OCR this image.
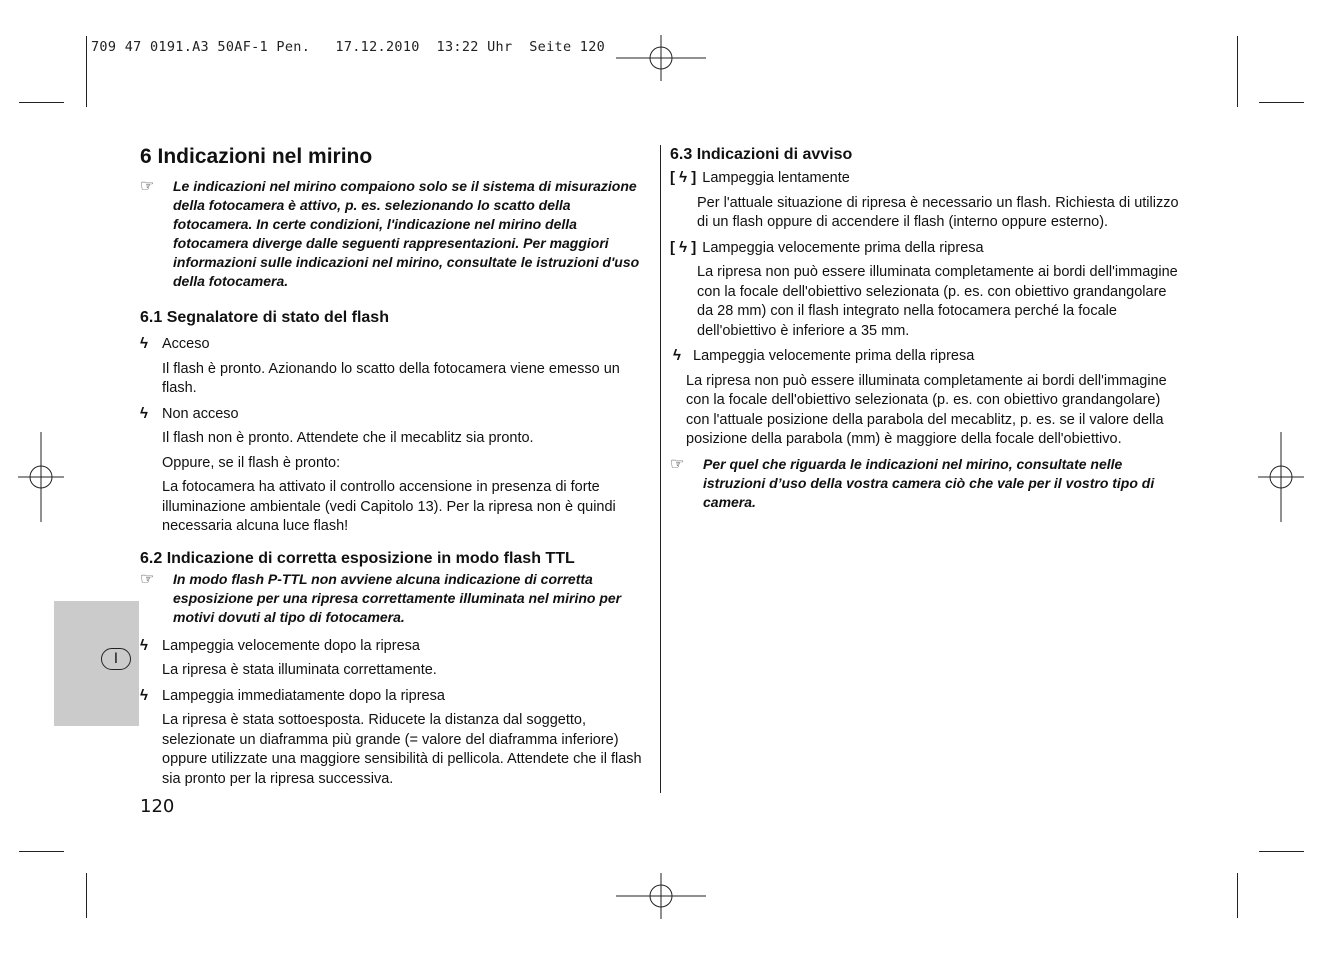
709 47 0191.A3 50AF-1 Pen.   17.12.2010  13:22 Uhr  Seite 120
I
6 Indicazioni nel mirino
☞	Le indicazioni nel mirino compaiono solo se il sistema di misurazione della fotocamera è attivo, p. es. selezionando lo scatto della fotocamera. In certe condizioni, l'indicazione nel mirino della fotocamera diverge dalle seguenti rappresentazioni. Per maggiori informazioni sulle indicazioni nel mirino, consultate le istruzioni d'uso della fotocamera.
6.1 Segnalatore di stato del flash
ϟ Acceso
Il flash è pronto. Azionando lo scatto della fotocamera viene emesso un flash.
ϟ Non acceso
Il flash non è pronto. Attendete che il mecablitz sia pronto.
Oppure, se il flash è pronto:
La fotocamera ha attivato il controllo accensione in presenza di forte illuminazione ambientale (vedi Capitolo 13). Per la ripresa non è quindi necessaria alcuna luce flash!
6.2 Indicazione di corretta esposizione in modo flash TTL
☞	In modo flash P-TTL non avviene alcuna indicazione di corretta esposizione per una ripresa correttamente illuminata nel mirino per motivi dovuti al tipo di fotocamera.
ϟ Lampeggia velocemente dopo la ripresa
La ripresa è stata illuminata correttamente.
ϟ Lampeggia immediatamente dopo la ripresa
La ripresa è stata sottoesposta. Riducete la distanza dal soggetto, selezionate un diaframma più grande (= valore del diaframma inferiore) oppure utilizzate una maggiore sensibilità di pellicola. Attendete che il flash sia pronto per la ripresa successiva.
6.3 Indicazioni di avviso
[ ϟ ] Lampeggia lentamente
Per l'attuale situazione di ripresa è necessario un flash. Richiesta di utilizzo di un flash oppure di accendere il flash (interno oppure esterno).
[ ϟ ] Lampeggia velocemente prima della ripresa
La ripresa non può essere illuminata completamente ai bordi dell'immagine con la focale dell'obiettivo selezionata (p. es. con obiettivo grandangolare da 28 mm) con il flash integrato nella fotocamera perché la focale dell'obiettivo è inferiore a 35 mm.
ϟ Lampeggia velocemente prima della ripresa
La ripresa non può essere illuminata completamente ai bordi dell'immagine con la focale dell'obiettivo selezionata (p. es. con obiettivo grandangolare) con l'attuale posizione della parabola del mecablitz, p. es. se il valore della posizione della parabola (mm) è maggiore della focale dell'obiettivo.
☞	Per quel che riguarda le indicazioni nel mirino, consultate nelle istruzioni d’uso della vostra camera ciò che vale per il vostro tipo di camera.
120
